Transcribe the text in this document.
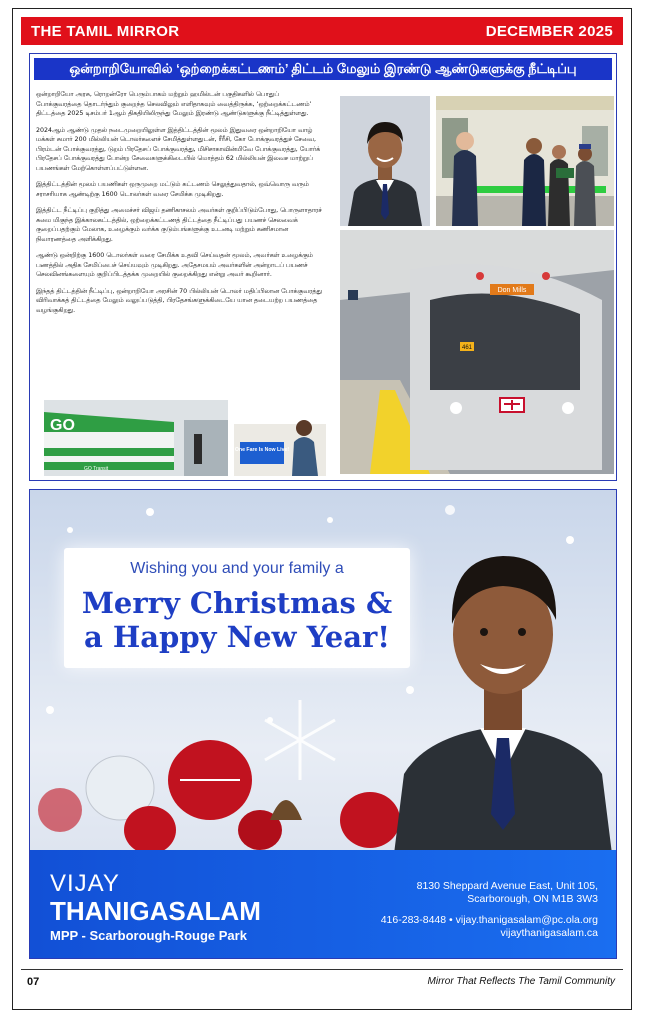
THE TAMIL MIRROR	DECEMBER 2025
ஒன்றாறியோவில் ‘ஒற்றைக்கட்டணம்’ திட்டம் மேலும் இரண்டு ஆண்டுகளுக்கு நீட்டிப்பு

ஒன்றாறியோ அரசு, ரொறன்ரோ பெரும்பாகம் மற்றும் ஹமில்டன் பகுதிகளில் பொதுப் போக்குவரத்தை தொடர்ந்தும் குறைந்த செலவிலும் எளிதாகவும் வைத்திருக்க, ‘ஒற்றைக்கட்டணம்’ திட்டத்தை 2025 டிசம்பர் 1ஆம் திகதியிலிருந்து மேலும் இரண்டு ஆண்டுகளுக்கு நீட்டித்துள்ளது.

2024ஆம் ஆண்டு முதல் நடைமுறையிலுள்ள இத்திட்டத்தின் மூலம் இதுவரை ஒன்றாறியோ வாழ் மக்கள் சுமார் 200 மில்லியன் டொலர்களைச் சேமித்துள்ளதுடன், ரீரீசி, கோ போக்குவரத்துச் சேவை, பிரம்டன் போக்குவரத்து, டுறம் பிரதேசப் போக்குவரத்து, மிசிசாகாவின்மிவே போக்குவரத்து, யோர்க் பிரதேசப் போக்குவரத்து போன்ற சேவைகளுக்கிடையில் மொத்தம் 62 மில்லியன் இலவச மாற்றுப் பயணங்கள் மேற்கொள்ளப்பட்டுள்ளன.

இத்திட்டத்தின் மூலம் பயணிகள் ஒருமுறை மட்டும் கட்டணம் செலுத்துவதால், ஒவ்வொரு வரும் சராசரியாக ஆண்டிற்கு 1600 டொலர்கள் வரை சேமிக்க முடிகிறது.

இத்திட்ட நீட்டிப்பு குறித்து அமைச்சர் விஜய் தணிகாசலம் அவர்கள் குறிப்பிடும்போது, பொருளாதாரச் சுமை மிகுந்த இக்காலகட்டத்தில், ஒற்றைக்கட்டணத் திட்டத்தை நீட்டிப்பது பயணச் செலவைக் குறைப்பதற்கும் மேலாக, உழைக்கும் வர்க்க குடும்பங்களுக்கு உடனடி மற்றும் கணிசமான நிவாரணத்தை அளிக்கிறது.

ஆண்டு ஒன்றிற்கு 1600 டொலர்கள் வரை சேமிக்க உதவி செய்வதன் மூலம், அவர்கள் உழைக்கும் பணத்தில் அதிக சேமிப்பைச் செய்யவும் முடிகிறது. அதேசமயம் அவர்களின் அன்றாடப் பயணச் செலவினங்களையும் குறிப்பிடத்தக்க முறையில் குறைக்கிறது என்று அவர் கூறினார்.

இந்தத் திட்டத்தின் நீட்டிப்பு, ஒன்றாறியோ அரசின் 70 பில்லியன் டொலர் மதிப்பிலான போக்குவரத்து விரிவாக்கத் திட்டத்தை மேலும் வலுப்படுத்தி, பிரதேசங்களுக்கிடையே யான தடையற்ற பயணத்தை வழங்குகிறது.

Don Mills
461
GO
GO Transit
One Fare Is Now Live!
Wishing you and your family a
Merry Christmas &
a Happy New Year!
VIJAY
THANIGASALAM
MPP - Scarborough-Rouge Park
8130 Sheppard Avenue East, Unit 105,
Scarborough, ON M1B 3W3
416-283-8448 • vijay.thanigasalam@pc.ola.org
vijaythanigasalam.ca
07	Mirror That Reflects The Tamil Community
